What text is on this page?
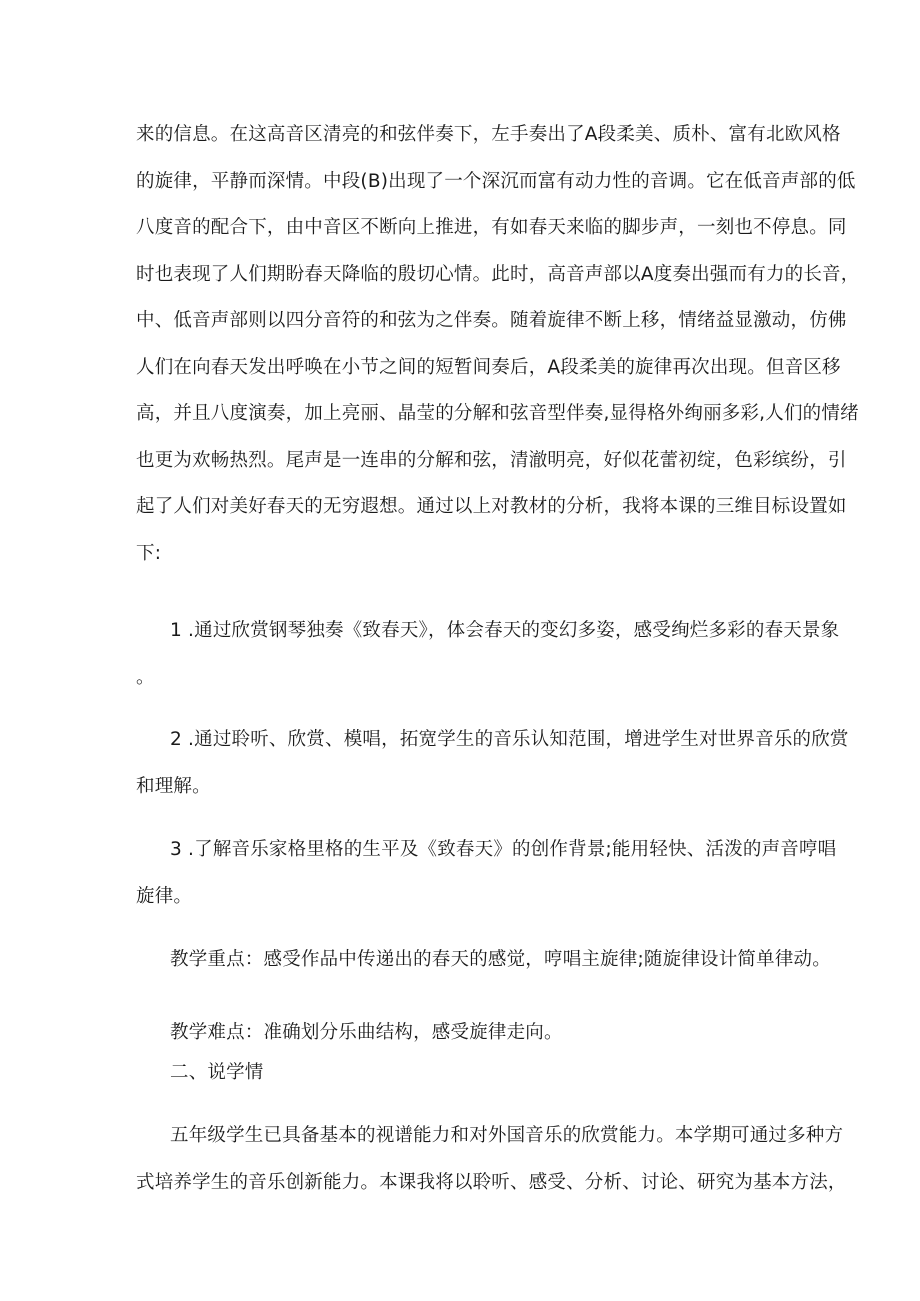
来的信息。在这高音区清亮的和弦伴奏下，左手奏出了A段柔美、质朴、富有北欧风格
的旋律，平静而深情。中段(B)出现了一个深沉而富有动力性的音调。它在低音声部的低
八度音的配合下，由中音区不断向上推进，有如春天来临的脚步声，一刻也不停息。同
时也表现了人们期盼春天降临的殷切心情。此时，高音声部以A度奏出强而有力的长音，
中、低音声部则以四分音符的和弦为之伴奏。随着旋律不断上移，情绪益显激动，仿佛
人们在向春天发出呼唤在小节之间的短暂间奏后，A段柔美的旋律再次出现。但音区移
高，并且八度演奏，加上亮丽、晶莹的分解和弦音型伴奏,显得格外绚丽多彩,人们的情绪
也更为欢畅热烈。尾声是一连串的分解和弦，清澈明亮，好似花蕾初绽，色彩缤纷，引
起了人们对美好春天的无穷遐想。通过以上对教材的分析，我将本课的三维目标设置如
下:

1 .通过欣赏钢琴独奏《致春天》，体会春天的变幻多姿，感受绚烂多彩的春天景象
。

2 .通过聆听、欣赏、模唱，拓宽学生的音乐认知范围，增进学生对世界音乐的欣赏
和理解。

3 .了解音乐家格里格的生平及《致春天》的创作背景;能用轻快、活泼的声音哼唱
旋律。

教学重点：感受作品中传递出的春天的感觉，哼唱主旋律;随旋律设计简单律动。

教学难点：准确划分乐曲结构，感受旋律走向。

二、说学情

五年级学生已具备基本的视谱能力和对外国音乐的欣赏能力。本学期可通过多种方
式培养学生的音乐创新能力。本课我将以聆听、感受、分析、讨论、研究为基本方法，
